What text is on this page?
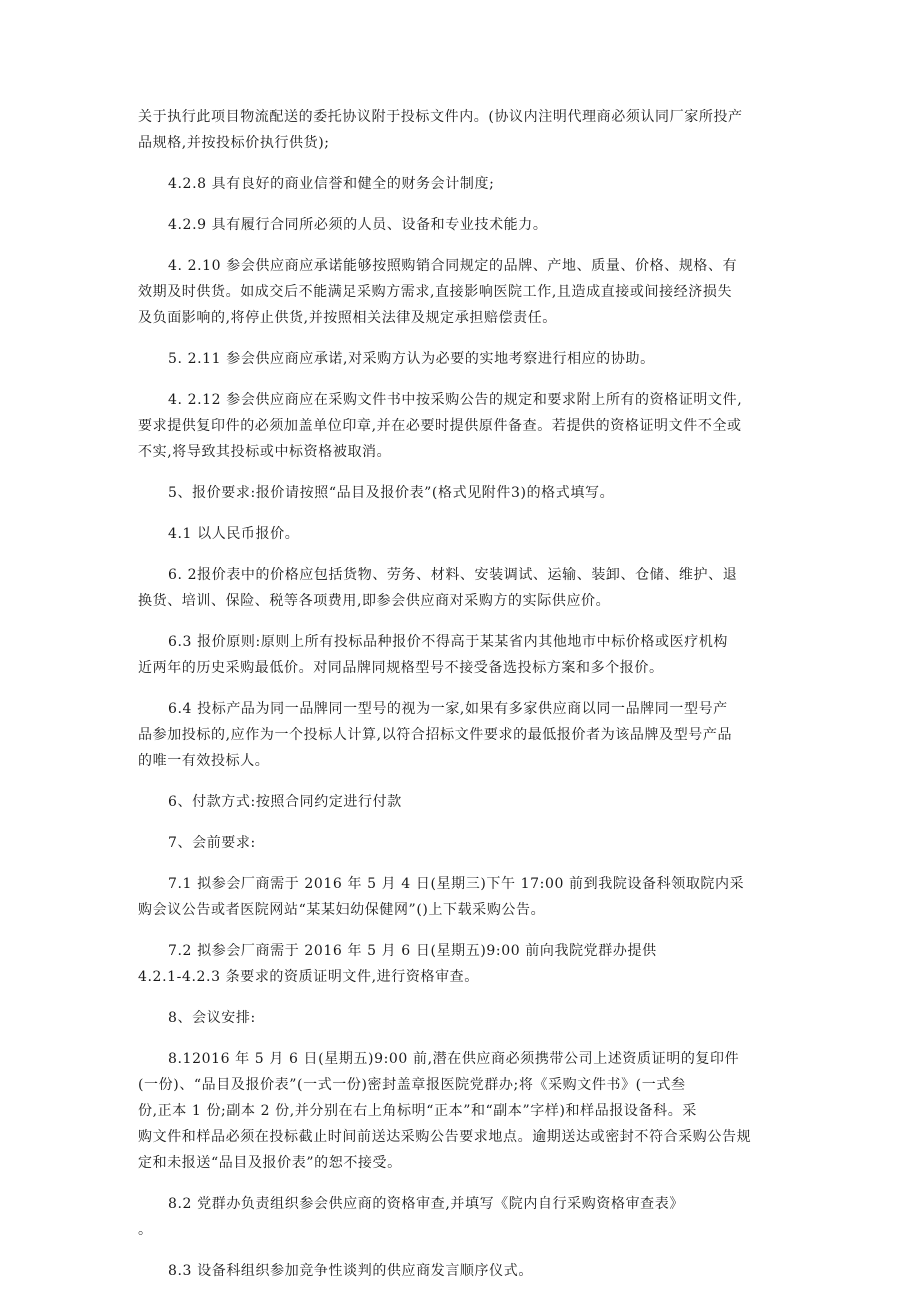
关于执行此项目物流配送的委托协议附于投标文件内。(协议内注明代理商必须认同厂家所投产
品规格,并按投标价执行供货);
4.2.8 具有良好的商业信誉和健全的财务会计制度;
4.2.9 具有履行合同所必须的人员、设备和专业技术能力。
4. 2.10 参会供应商应承诺能够按照购销合同规定的品牌、产地、质量、价格、规格、有
效期及时供货。如成交后不能满足采购方需求,直接影响医院工作,且造成直接或间接经济损失
及负面影响的,将停止供货,并按照相关法律及规定承担赔偿责任。
5. 2.11 参会供应商应承诺,对采购方认为必要的实地考察进行相应的协助。
4. 2.12 参会供应商应在采购文件书中按采购公告的规定和要求附上所有的资格证明文件,
要求提供复印件的必须加盖单位印章,并在必要时提供原件备查。若提供的资格证明文件不全或
不实,将导致其投标或中标资格被取消。
5、报价要求:报价请按照“品目及报价表”(格式见附件3)的格式填写。
4.1 以人民币报价。
6. 2报价表中的价格应包括货物、劳务、材料、安装调试、运输、装卸、仓储、维护、退
换货、培训、保险、税等各项费用,即参会供应商对采购方的实际供应价。
6.3 报价原则:原则上所有投标品种报价不得高于某某省内其他地市中标价格或医疗机构
近两年的历史采购最低价。对同品牌同规格型号不接受备选投标方案和多个报价。
6.4 投标产品为同一品牌同一型号的视为一家,如果有多家供应商以同一品牌同一型号产
品参加投标的,应作为一个投标人计算,以符合招标文件要求的最低报价者为该品牌及型号产品
的唯一有效投标人。
6、付款方式:按照合同约定进行付款
7、会前要求:
7.1 拟参会厂商需于 2016 年 5 月 4 日(星期三)下午 17:00 前到我院设备科领取院内采
购会议公告或者医院网站“某某妇幼保健网”()上下载采购公告。
7.2 拟参会厂商需于 2016 年 5 月 6 日(星期五)9:00 前向我院党群办提供
4.2.1-4.2.3 条要求的资质证明文件,进行资格审查。
8、会议安排:
8.12016 年 5 月 6 日(星期五)9:00 前,潜在供应商必须携带公司上述资质证明的复印件
(一份)、“品目及报价表”(一式一份)密封盖章报医院党群办;将《采购文件书》(一式叁
份,正本 1 份;副本 2 份,并分别在右上角标明“正本”和“副本”字样)和样品报设备科。采
购文件和样品必须在投标截止时间前送达采购公告要求地点。逾期送达或密封不符合采购公告规
定和未报送“品目及报价表”的恕不接受。
8.2 党群办负责组织参会供应商的资格审查,并填写《院内自行采购资格审查表》
。
8.3 设备科组织参加竞争性谈判的供应商发言顺序仪式。
